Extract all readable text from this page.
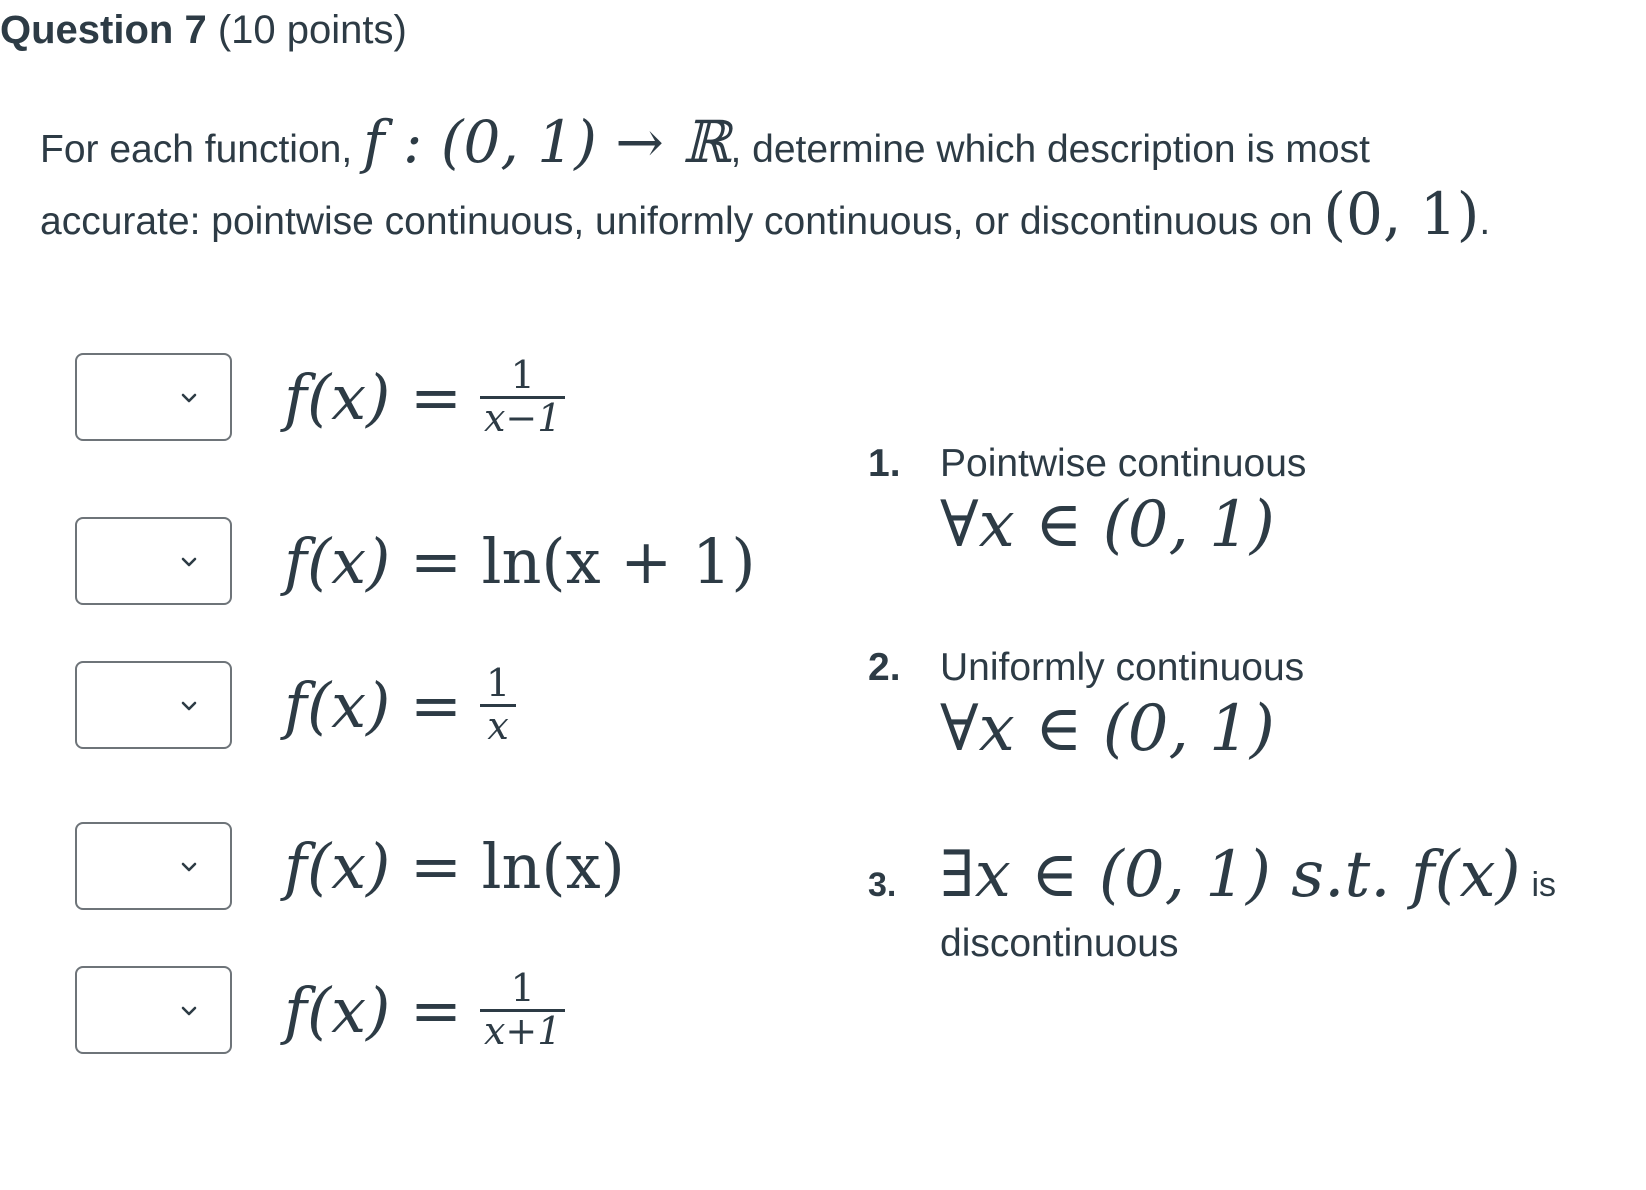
Question 7 (10 points)
For each function, f : (0, 1) → ℝ, determine which description is most
accurate: pointwise continuous, uniformly continuous, or discontinuous on (0, 1).
$f(x) = \frac{1}{x-1}$
f(x) =
ln(x + 1)
$f(x) = \frac{1}{x}$
f(x) =
ln(x)
$f(x) = \frac{1}{x+1}$
1. Pointwise continuous
∀x ∈ (0, 1)
2. Uniformly continuous
∀x ∈ (0, 1)
3. ∃x ∈ (0, 1) s.t. f(x) is
discontinuous
